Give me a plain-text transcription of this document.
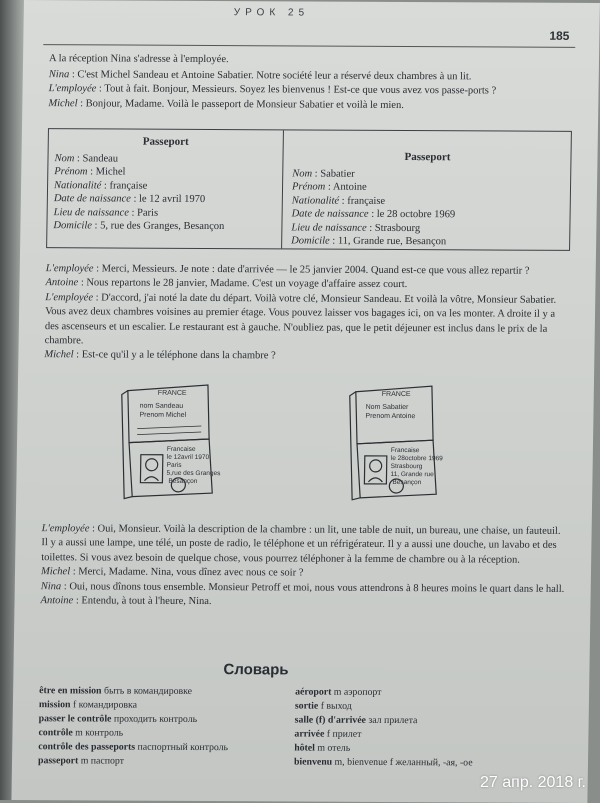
УРОК 25
185
A la réception Nina s'adresse à l'employée.
Nina : C'est Michel Sandeau et Antoine Sabatier. Notre société leur a réservé deux chambres à un lit.
L'employée : Tout à fait. Bonjour, Messieurs. Soyez les bienvenus ! Est-ce que vous avez vos passe-ports ?
Michel : Bonjour, Madame. Voilà le passeport de Monsieur Sabatier et voilà le mien.
Passeport
Nom : Sandeau
Prénom : Michel
Nationalité : française
Date de naissance : le 12 avril 1970
Lieu de naissance : Paris
Domicile : 5, rue des Granges, Besançon
Passeport
Nom : Sabatier
Prénom : Antoine
Nationalité : française
Date de naissance : le 28 octobre 1969
Lieu de naissance : Strasbourg
Domicile : 11, Grande rue, Besançon
L'employée : Merci, Messieurs. Je note : date d'arrivée — le 25 janvier 2004. Quand est-ce que vous allez repartir ?
Antoine : Nous repartons le 28 janvier, Madame. C'est un voyage d'affaire assez court.
L'employée : D'accord, j'ai noté la date du départ. Voilà votre clé, Monsieur Sandeau. Et voilà la vôtre, Monsieur Sabatier. Vous avez deux chambres voisines au premier étage. Vous pouvez laisser vos bagages ici, on va les monter. A droite il y a des ascenseurs et un escalier. Le restaurant est à gauche. N'oubliez pas, que le petit déjeuner est inclus dans le prix de la chambre.
Michel : Est-ce qu'il y a le téléphone dans la chambre ?
FRANCE
nom Sandeau
Prenom Michel
Francaise
le 12avril 1970
Paris
5,rue des Granges
Besançon
FRANCE
Nom Sabatier
Prenom Antoine
Francaise
le 28octobre 1969
Strasbourg
11, Grande rue
Besançon
L'employée : Oui, Monsieur. Voilà la description de la chambre : un lit, une table de nuit, un bureau, une chaise, un fauteuil. Il y a aussi une lampe, une télé, un poste de radio, le téléphone et un réfrigérateur. Il y a aussi une douche, un lavabo et des toilettes. Si vous avez besoin de quelque chose, vous pourrez téléphoner à la femme de chambre ou à la réception.
Michel : Merci, Madame. Nina, vous dînez avec nous ce soir ?
Nina : Oui, nous dînons tous ensemble. Monsieur Petroff et moi, nous vous attendrons à 8 heures moins le quart dans le hall.
Antoine : Entendu, à tout à l'heure, Nina.
Словарь
être en mission быть в командировке
mission f командировка
passer le contrôle проходить контроль
contrôle m контроль
contrôle des passeports паспортный контроль
passeport m паспорт
aéroport m аэропорт
sortie f выход
salle (f) d'arrivée зал прилета
arrivée f прилет
hôtel m отель
bienvenu m, bienvenue f желанный, -ая, -ое
27 апр. 2018 г.
